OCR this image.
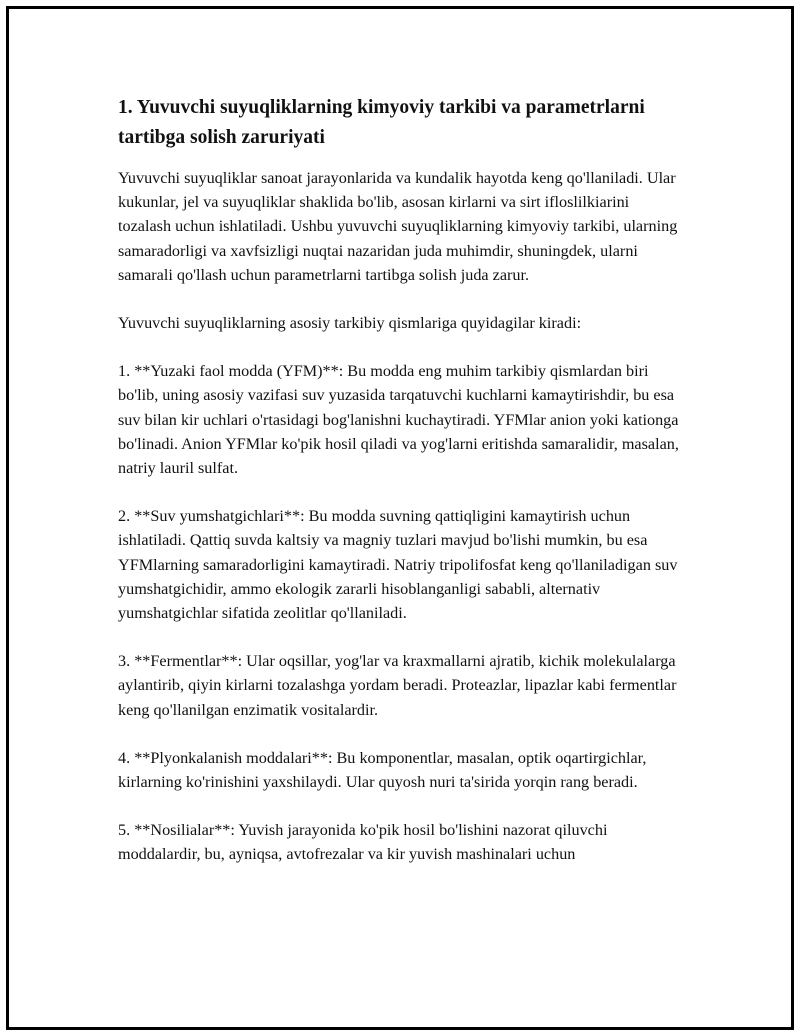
1. Yuvuvchi suyuqliklarning kimyoviy tarkibi va parametrlarni tartibga solish zaruriyati

Yuvuvchi suyuqliklar sanoat jarayonlarida va kundalik hayotda keng qo'llaniladi. Ular kukunlar, jel va suyuqliklar shaklida bo'lib, asosan kirlarni va sirt ifloslilkiarini tozalash uchun ishlatiladi. Ushbu yuvuvchi suyuqliklarning kimyoviy tarkibi, ularning samaradorligi va xavfsizligi nuqtai nazaridan juda muhimdir, shuningdek, ularni samarali qo'llash uchun parametrlarni tartibga solish juda zarur.

Yuvuvchi suyuqliklarning asosiy tarkibiy qismlariga quyidagilar kiradi:

1. **Yuzaki faol modda (YFM)**: Bu modda eng muhim tarkibiy qismlardan biri bo'lib, uning asosiy vazifasi suv yuzasida tarqatuvchi kuchlarni kamaytirishdir, bu esa suv bilan kir uchlari o'rtasidagi bog'lanishni kuchaytiradi. YFMlar anion yoki kationga bo'linadi. Anion YFMlar ko'pik hosil qiladi va yog'larni eritishda samaralidir, masalan, natriy lauril sulfat.

2. **Suv yumshatgichlari**: Bu modda suvning qattiqligini kamaytirish uchun ishlatiladi. Qattiq suvda kaltsiy va magniy tuzlari mavjud bo'lishi mumkin, bu esa YFMlarning samaradorligini kamaytiradi. Natriy tripolifosfat keng qo'llaniladigan suv yumshatgichidir, ammo ekologik zararli hisoblanganligi sababli, alternativ yumshatgichlar sifatida zeolitlar qo'llaniladi.

3. **Fermentlar**: Ular oqsillar, yog'lar va kraxmallarni ajratib, kichik molekulalarga aylantirib, qiyin kirlarni tozalashga yordam beradi. Proteazlar, lipazlar kabi fermentlar keng qo'llanilgan enzimatik vositalardir.

4. **Plyonkalanish moddalari**: Bu komponentlar, masalan, optik oqartirgichlar, kirlarning ko'rinishini yaxshilaydi. Ular quyosh nuri ta'sirida yorqin rang beradi.

5. **Nosilialar**: Yuvish jarayonida ko'pik hosil bo'lishini nazorat qiluvchi moddalardir, bu, ayniqsa, avtofrezalar va kir yuvish mashinalari uchun
